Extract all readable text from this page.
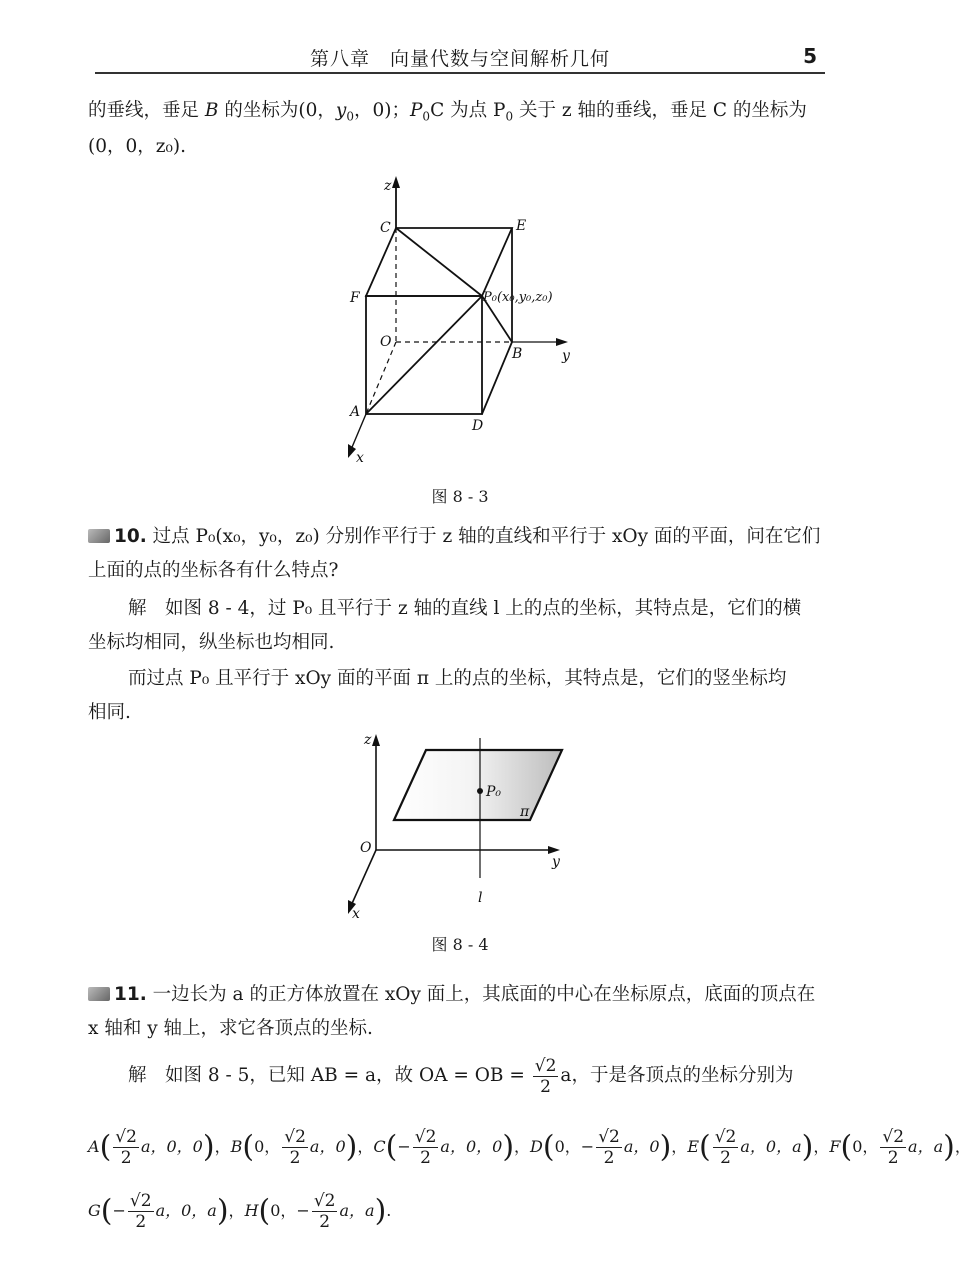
第八章　向量代数与空间解析几何	5
的垂线，垂足 B 的坐标为(0，$y_0$，0)；$P_0C$ 为点 $P_0$ 关于 z 轴的垂线，垂足 C 的坐标为
(0，0，z₀).
z
C	E
F	P₀(x₀,y₀,z₀)
O
B	y
A
D
x
图 8 - 3
10. 过点 P₀(x₀，y₀，z₀) 分别作平行于 z 轴的直线和平行于 xOy 面的平面，问在它们
上面的点的坐标各有什么特点?
解　如图 8 - 4，过 P₀ 且平行于 z 轴的直线 l 上的点的坐标，其特点是，它们的横
坐标均相同，纵坐标也均相同.
而过点 P₀ 且平行于 xOy 面的平面 π 上的点的坐标，其特点是，它们的竖坐标均
相同.
z
P₀
π
O
y
l
x
图 8 - 4
11. 一边长为 a 的正方体放置在 xOy 面上，其底面的中心在坐标原点，底面的顶点在
x 轴和 y 轴上，求它各顶点的坐标.
解　如图 8 - 5，已知 AB = a，故 OA = OB = $\frac{√2}{2}$ a，于是各顶点的坐标分别为
$A( \frac{√2}{2}$ a，0，0)，B(0， $\frac{√2}{2}$ a，0)，$C(- \frac{√2}{2}$ a，0，0)，D(0，− $\frac{√2}{2}$ a，0)，$E( \frac{√2}{2}$ a，0，a)，F(0， $\frac{√2}{2}$ a，a)，
$G(- \frac{√2}{2}$ a，0，a)，H(0，− $\frac{√2}{2}$ a，a).
